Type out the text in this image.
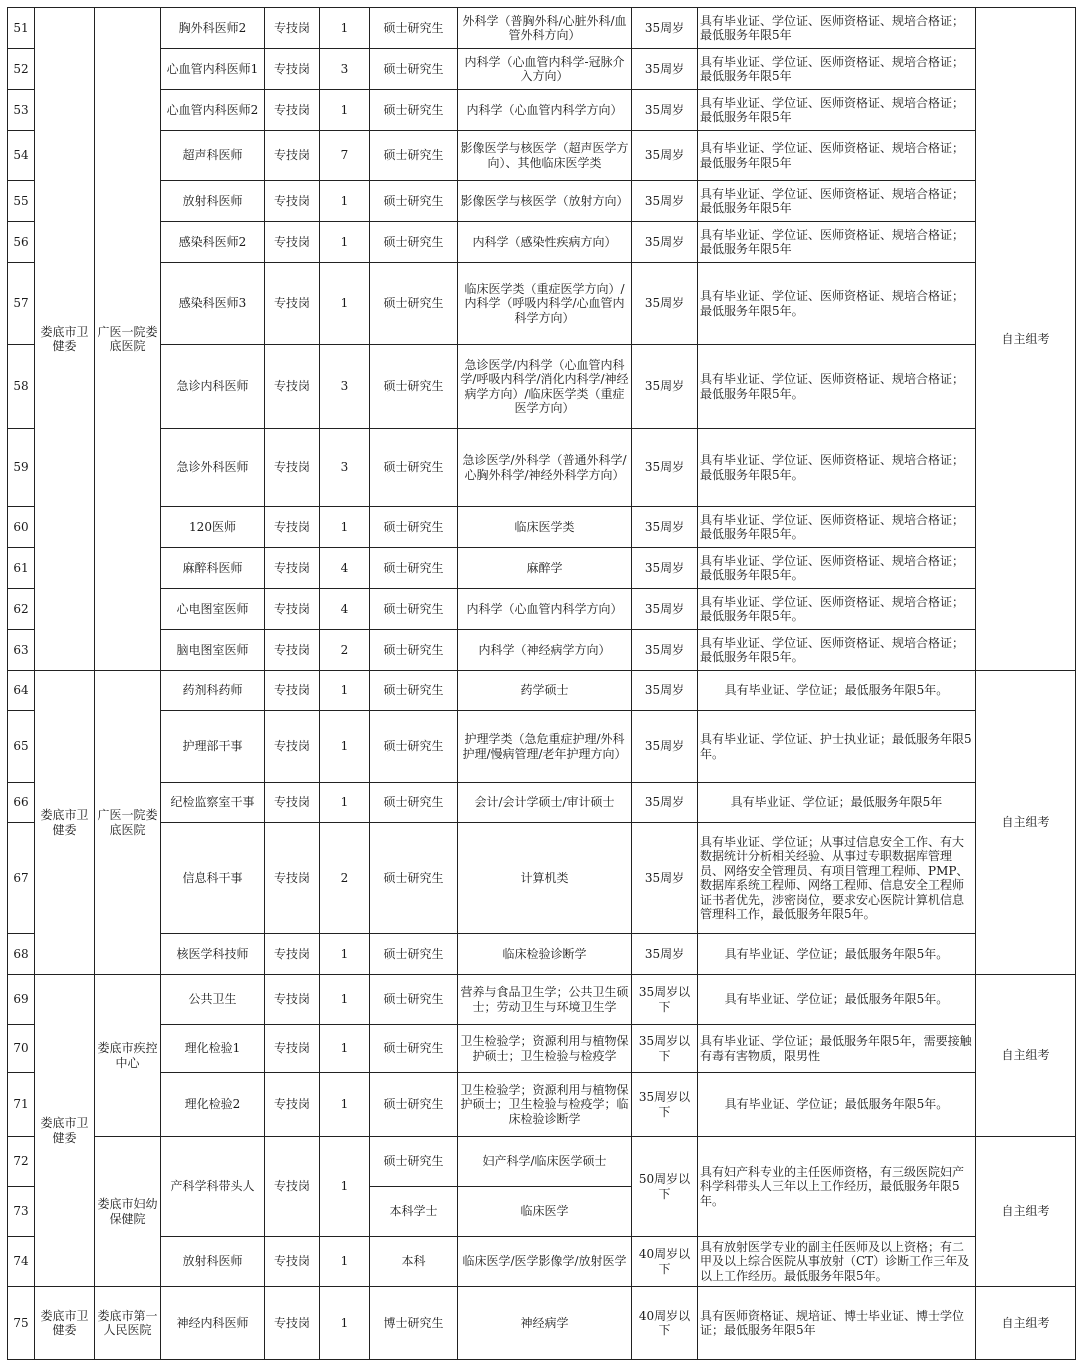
51	娄底市卫健委	广医一院娄底医院	胸外科医师2	专技岗	1	硕士研究生	外科学（普胸外科/心脏外科/血管外科方向）	35周岁	具有毕业证、学位证、医师资格证、规培合格证；最低服务年限5年	自主组考
52			心血管内科医师1	专技岗	3	硕士研究生	内科学（心血管内科学-冠脉介入方向）	35周岁	具有毕业证、学位证、医师资格证、规培合格证；最低服务年限5年	
53			心血管内科医师2	专技岗	1	硕士研究生	内科学（心血管内科学方向）	35周岁	具有毕业证、学位证、医师资格证、规培合格证；最低服务年限5年	
54			超声科医师	专技岗	7	硕士研究生	影像医学与核医学（超声医学方向）、其他临床医学类	35周岁	具有毕业证、学位证、医师资格证、规培合格证；最低服务年限5年	
55			放射科医师	专技岗	1	硕士研究生	影像医学与核医学（放射方向）	35周岁	具有毕业证、学位证、医师资格证、规培合格证；最低服务年限5年	
56			感染科医师2	专技岗	1	硕士研究生	内科学（感染性疾病方向）	35周岁	具有毕业证、学位证、医师资格证、规培合格证；最低服务年限5年	
57			感染科医师3	专技岗	1	硕士研究生	临床医学类（重症医学方向）/内科学（呼吸内科学/心血管内科学方向）	35周岁	具有毕业证、学位证、医师资格证、规培合格证；最低服务年限5年。	
58			急诊内科医师	专技岗	3	硕士研究生	急诊医学/内科学（心血管内科学/呼吸内科学/消化内科学/神经病学方向）/临床医学类（重症医学方向）	35周岁	具有毕业证、学位证、医师资格证、规培合格证；最低服务年限5年。	
59			急诊外科医师	专技岗	3	硕士研究生	急诊医学/外科学（普通外科学/心胸外科学/神经外科学方向）	35周岁	具有毕业证、学位证、医师资格证、规培合格证；最低服务年限5年。	
60			120医师	专技岗	1	硕士研究生	临床医学类	35周岁	具有毕业证、学位证、医师资格证、规培合格证；最低服务年限5年。	
61			麻醉科医师	专技岗	4	硕士研究生	麻醉学	35周岁	具有毕业证、学位证、医师资格证、规培合格证；最低服务年限5年。	
62			心电图室医师	专技岗	4	硕士研究生	内科学（心血管内科学方向）	35周岁	具有毕业证、学位证、医师资格证、规培合格证；最低服务年限5年。	
63			脑电图室医师	专技岗	2	硕士研究生	内科学（神经病学方向）	35周岁	具有毕业证、学位证、医师资格证、规培合格证；最低服务年限5年。	
64	娄底市卫健委	广医一院娄底医院	药剂科药师	专技岗	1	硕士研究生	药学硕士	35周岁	具有毕业证、学位证；最低服务年限5年。	自主组考
65			护理部干事	专技岗	1	硕士研究生	护理学类（急危重症护理/外科护理/慢病管理/老年护理方向）	35周岁	具有毕业证、学位证、护士执业证；最低服务年限5年。	
66			纪检监察室干事	专技岗	1	硕士研究生	会计/会计学硕士/审计硕士	35周岁	具有毕业证、学位证；最低服务年限5年	
67			信息科干事	专技岗	2	硕士研究生	计算机类	35周岁	具有毕业证、学位证；从事过信息安全工作、有大数据统计分析相关经验、从事过专职数据库管理员、网络安全管理员、有项目管理工程师、PMP、数据库系统工程师、网络工程师、信息安全工程师证书者优先，涉密岗位，要求安心医院计算机信息管理科工作，最低服务年限5年。	
68			核医学科技师	专技岗	1	硕士研究生	临床检验诊断学	35周岁	具有毕业证、学位证；最低服务年限5年。	
69	娄底市卫健委	娄底市疾控中心	公共卫生	专技岗	1	硕士研究生	营养与食品卫生学；公共卫生硕士；劳动卫生与环境卫生学	35周岁以下	具有毕业证、学位证；最低服务年限5年。	自主组考
70			理化检验1	专技岗	1	硕士研究生	卫生检验学；资源利用与植物保护硕士；卫生检验与检疫学	35周岁以下	具有毕业证、学位证；最低服务年限5年，需要接触有毒有害物质，限男性	
71			理化检验2	专技岗	1	硕士研究生	卫生检验学；资源利用与植物保护硕士；卫生检验与检疫学；临床检验诊断学	35周岁以下	具有毕业证、学位证；最低服务年限5年。	
72		娄底市妇幼保健院	产科学科带头人	专技岗	1	硕士研究生	妇产科学/临床医学硕士	50周岁以下	具有妇产科专业的主任医师资格，有三级医院妇产科学科带头人三年以上工作经历，最低服务年限5年。	自主组考
73						本科学士	临床医学			
74			放射科医师	专技岗	1	本科	临床医学/医学影像学/放射医学	40周岁以下	具有放射医学专业的副主任医师及以上资格；有二甲及以上综合医院从事放射（CT）诊断工作三年及以上工作经历。最低服务年限5年。	
75	娄底市卫健委	娄底市第一人民医院	神经内科医师	专技岗	1	博士研究生	神经病学	40周岁以下	具有医师资格证、规培证、博士毕业证、博士学位证；最低服务年限5年	自主组考
